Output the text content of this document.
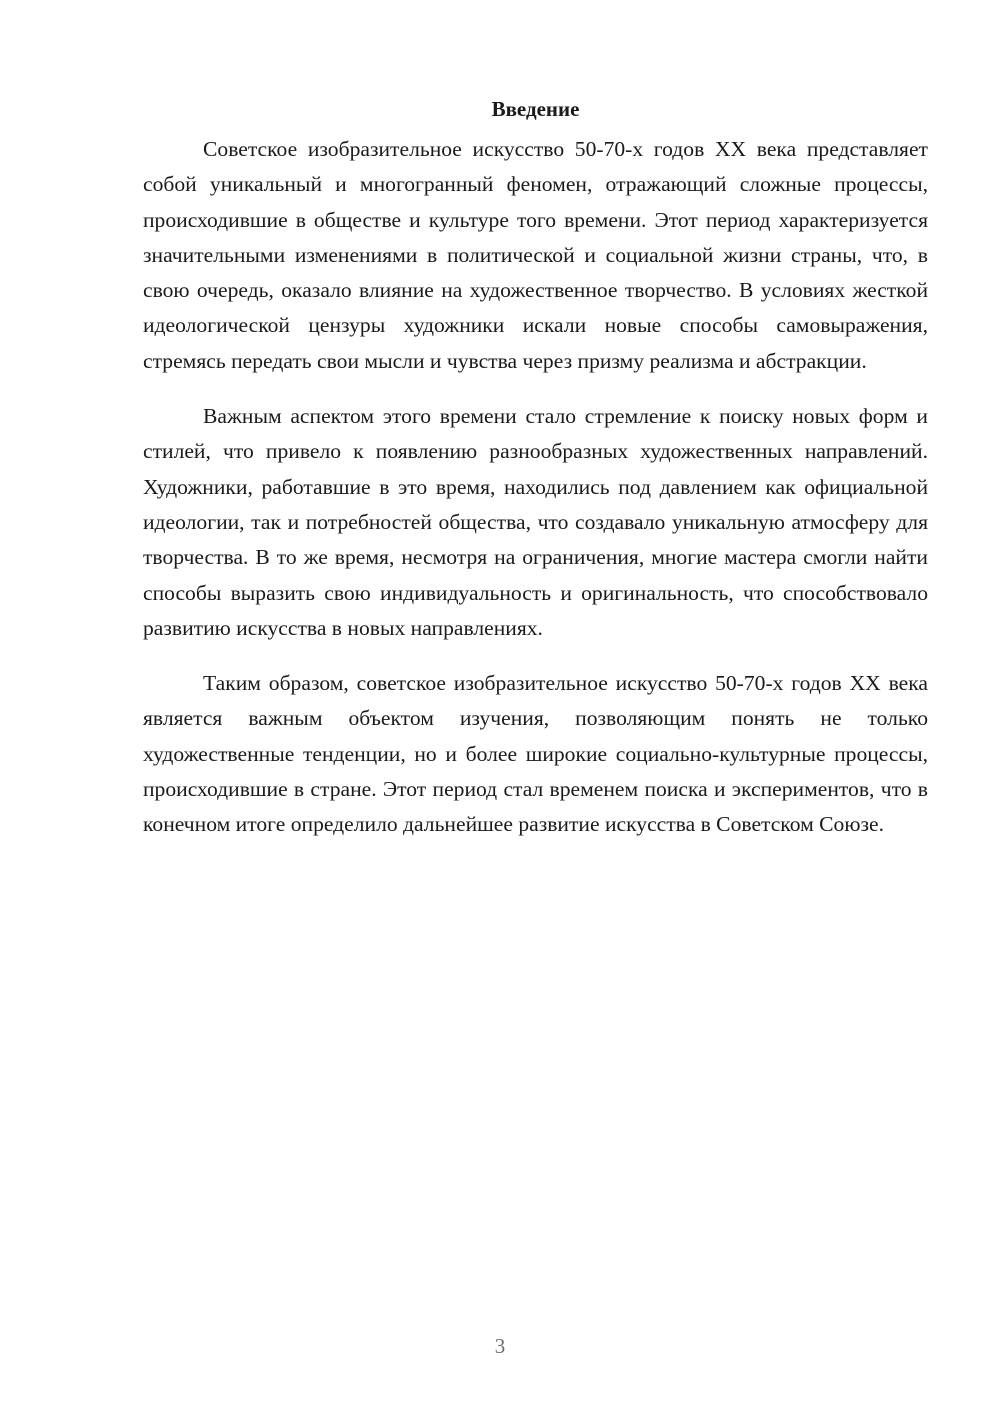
Введение

Советское изобразительное искусство 50-70-х годов XX века представляет собой уникальный и многогранный феномен, отражающий сложные процессы, происходившие в обществе и культуре того времени. Этот период характеризуется значительными изменениями в политической и социальной жизни страны, что, в свою очередь, оказало влияние на художественное творчество. В условиях жесткой идеологической цензуры художники искали новые способы самовыражения, стремясь передать свои мысли и чувства через призму реализма и абстракции.

Важным аспектом этого времени стало стремление к поиску новых форм и стилей, что привело к появлению разнообразных художественных направлений. Художники, работавшие в это время, находились под давлением как официальной идеологии, так и потребностей общества, что создавало уникальную атмосферу для творчества. В то же время, несмотря на ограничения, многие мастера смогли найти способы выразить свою индивидуальность и оригинальность, что способствовало развитию искусства в новых направлениях.

Таким образом, советское изобразительное искусство 50-70-х годов XX века является важным объектом изучения, позволяющим понять не только художественные тенденции, но и более широкие социально-культурные процессы, происходившие в стране. Этот период стал временем поиска и экспериментов, что в конечном итоге определило дальнейшее развитие искусства в Советском Союзе.

3
